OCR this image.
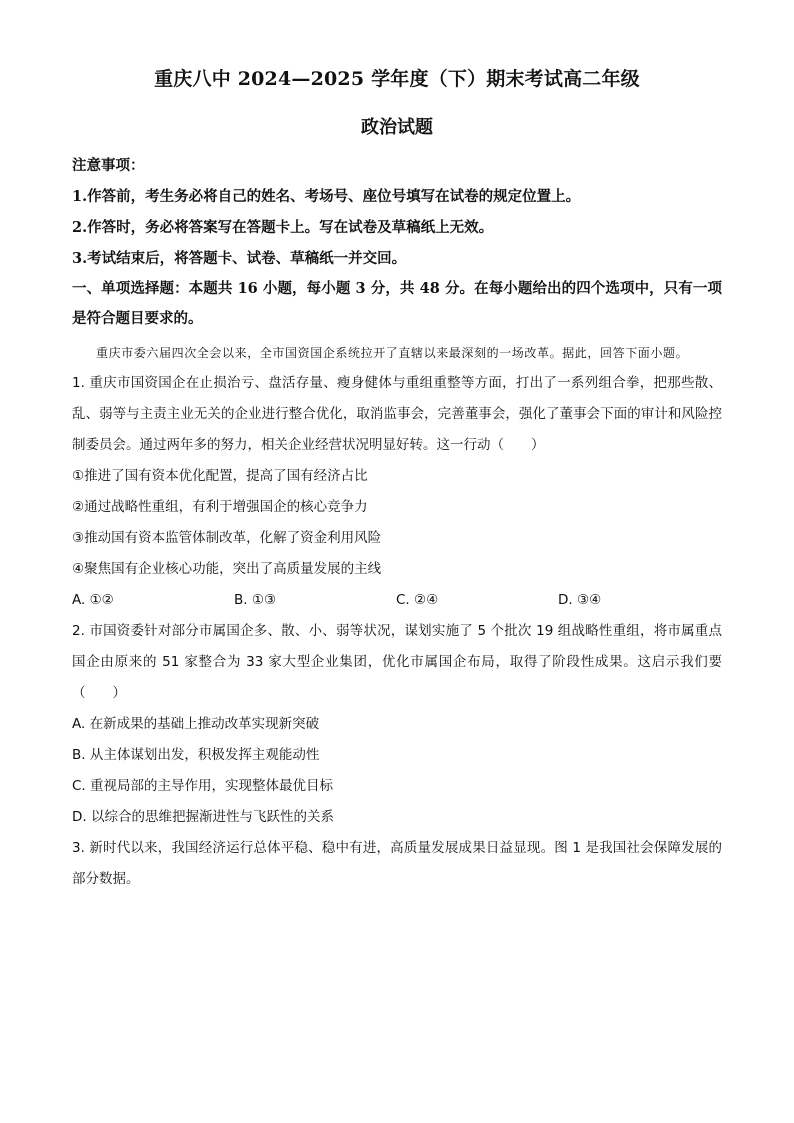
重庆八中 2024—2025 学年度（下）期末考试高二年级
政治试题

注意事项：

1.作答前，考生务必将自己的姓名、考场号、座位号填写在试卷的规定位置上。

2.作答时，务必将答案写在答题卡上。写在试卷及草稿纸上无效。

3.考试结束后，将答题卡、试卷、草稿纸一并交回。

一、单项选择题：本题共 16 小题，每小题 3 分，共 48 分。在每小题给出的四个选项中，只有一项是符合题目要求的。

重庆市委六届四次全会以来，全市国资国企系统拉开了直辖以来最深刻的一场改革。据此，回答下面小题。

1. 重庆市国资国企在止损治亏、盘活存量、瘦身健体与重组重整等方面，打出了一系列组合拳，把那些散、乱、弱等与主责主业无关的企业进行整合优化，取消监事会，完善董事会，强化了董事会下面的审计和风险控制委员会。通过两年多的努力，相关企业经营状况明显好转。这一行动（　　）

①推进了国有资本优化配置，提高了国有经济占比

②通过战略性重组，有利于增强国企的核心竞争力

③推动国有资本监管体制改革，化解了资金利用风险

④聚焦国有企业核心功能，突出了高质量发展的主线

A. ①②	B. ①③	C. ②④	D. ③④

2. 市国资委针对部分市属国企多、散、小、弱等状况，谋划实施了 5 个批次 19 组战略性重组，将市属重点国企由原来的 51 家整合为 33 家大型企业集团，优化市属国企布局，取得了阶段性成果。这启示我们要（　　）

A. 在新成果的基础上推动改革实现新突破

B. 从主体谋划出发，积极发挥主观能动性

C. 重视局部的主导作用，实现整体最优目标

D. 以综合的思维把握渐进性与飞跃性的关系

3. 新时代以来，我国经济运行总体平稳、稳中有进，高质量发展成果日益显现。图 1 是我国社会保障发展的部分数据。
